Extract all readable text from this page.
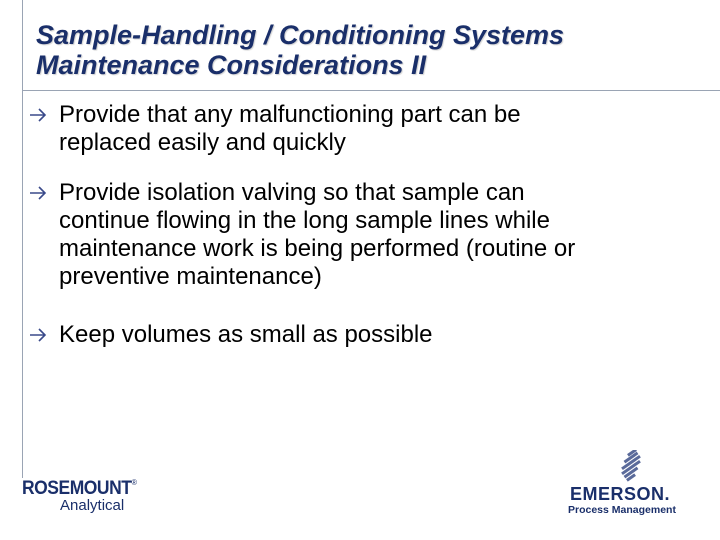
Sample-Handling / Conditioning Systems
Maintenance Considerations II
Provide that any malfunctioning part can be
replaced easily and quickly
Provide isolation valving so that sample can
continue flowing in the long sample lines while
maintenance work is being performed (routine or
preventive maintenance)
Keep volumes as small as possible
ROSEMOUNT®
Analytical
EMERSON.
Process Management
